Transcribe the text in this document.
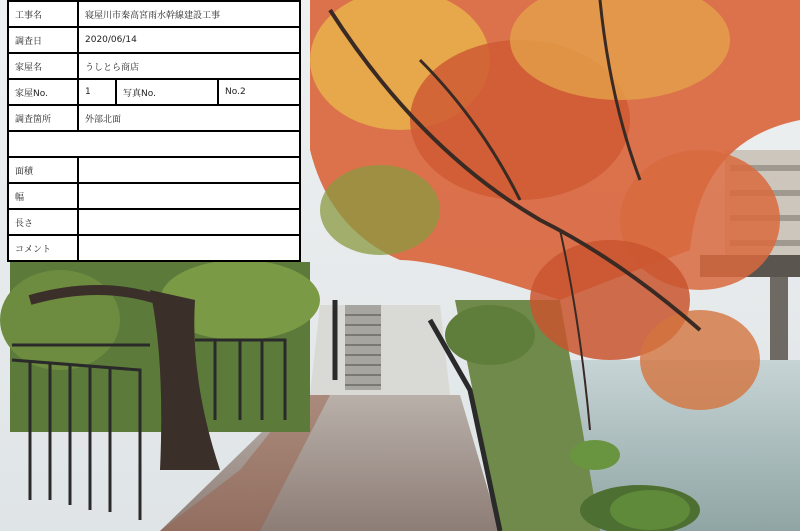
工事名	寝屋川市秦高宮雨水幹線建設工事
調査日	2020/06/14
家屋名	うしとら商店
家屋No.	1	写真No.	No.2
調査箇所	外部北面
面積
幅
長さ
コメント
